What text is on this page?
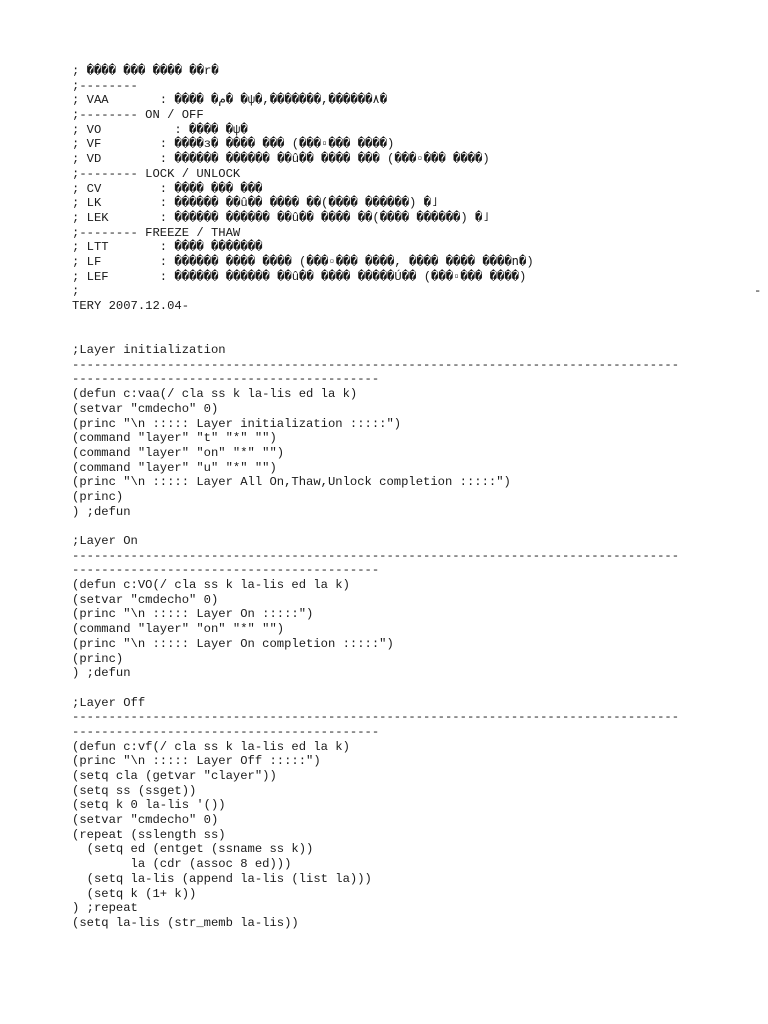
; ���� ��� ���� ��r�
;--------
; VAA       : ���� �م� �ψ�,�������,������٨�
;-------- ON / OFF
; VO          : ���� �ψ�
; VF        : ����з� ���� ��� (���▫��� ����)
; VD        : ������ ������ ��û�� ���� ��� (���▫��� ����)
;-------- LOCK / UNLOCK
; CV        : ���� ��� ���
; LK        : ������ ��û�� ���� ��(���� ������) �˩
; LEK       : ������ ������ ��û�� ���� ��(���� ������) �˩
;-------- FREEZE / THAW
; LTT       : ���� �������
; LF        : ������ ���� ���� (���▫��� ����, ���� ���� ����ո�)
; LEF       : ������ ������ ��û�� ���� �����Ú�� (���▫��� ����)
;	-
TERY 2007.12.04-
;Layer initialization
-----------------------------------------------------------------------------------
------------------------------------------
(defun c:vaa(/ cla ss k la-lis ed la k)
(setvar "cmdecho" 0)
(princ "\n ::::: Layer initialization :::::")
(command "layer" "t" "*" "")
(command "layer" "on" "*" "")
(command "layer" "u" "*" "")
(princ "\n ::::: Layer All On,Thaw,Unlock completion :::::")
(princ)
) ;defun
;Layer On
-----------------------------------------------------------------------------------
------------------------------------------
(defun c:VO(/ cla ss k la-lis ed la k)
(setvar "cmdecho" 0)
(princ "\n ::::: Layer On :::::")
(command "layer" "on" "*" "")
(princ "\n ::::: Layer On completion :::::")
(princ)
) ;defun
;Layer Off
-----------------------------------------------------------------------------------
------------------------------------------
(defun c:vf(/ cla ss k la-lis ed la k)
(princ "\n ::::: Layer Off :::::")
(setq cla (getvar "clayer"))
(setq ss (ssget))
(setq k 0 la-lis '())
(setvar "cmdecho" 0)
(repeat (sslength ss)
(setq ed (entget (ssname ss k))
la (cdr (assoc 8 ed)))
(setq la-lis (append la-lis (list la)))
(setq k (1+ k))
) ;repeat
(setq la-lis (str_memb la-lis))
